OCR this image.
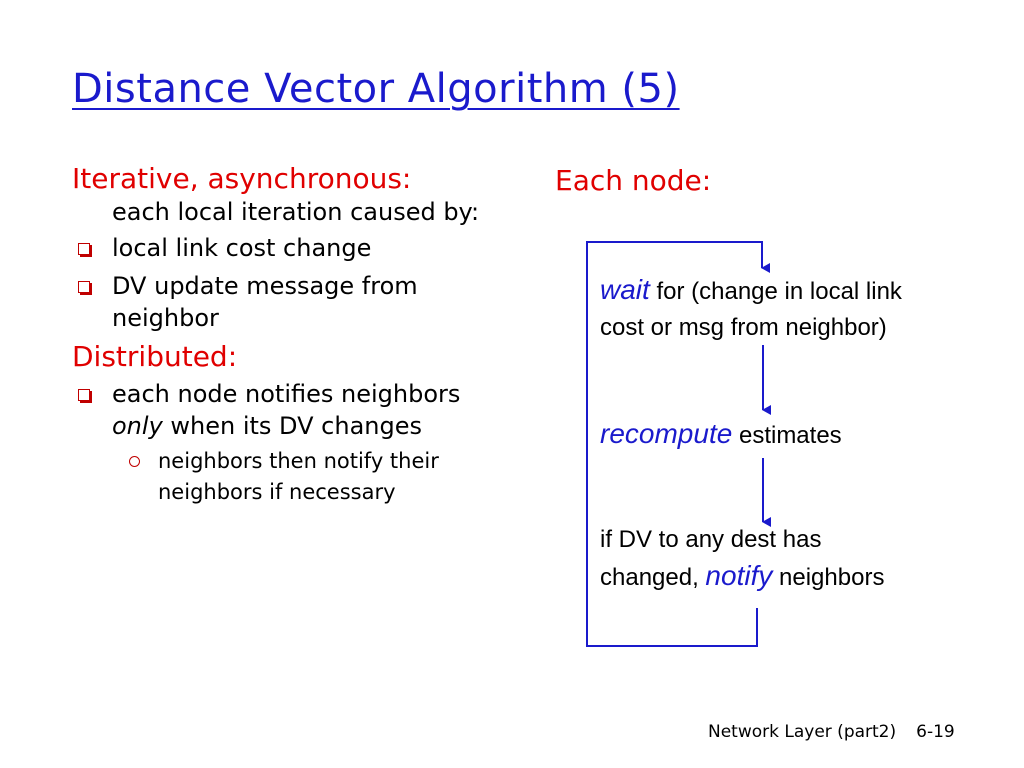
Distance Vector Algorithm (5)
Iterative, asynchronous:
each local iteration caused by:
local link cost change
DV update message from neighbor
Distributed:
each node notifies neighbors only when its DV changes
neighbors then notify their neighbors if necessary
Each node:
wait for (change in local link
cost or msg from neighbor)
recompute estimates
if DV to any dest has
changed, notify neighbors
Network Layer (part2) 6-19
